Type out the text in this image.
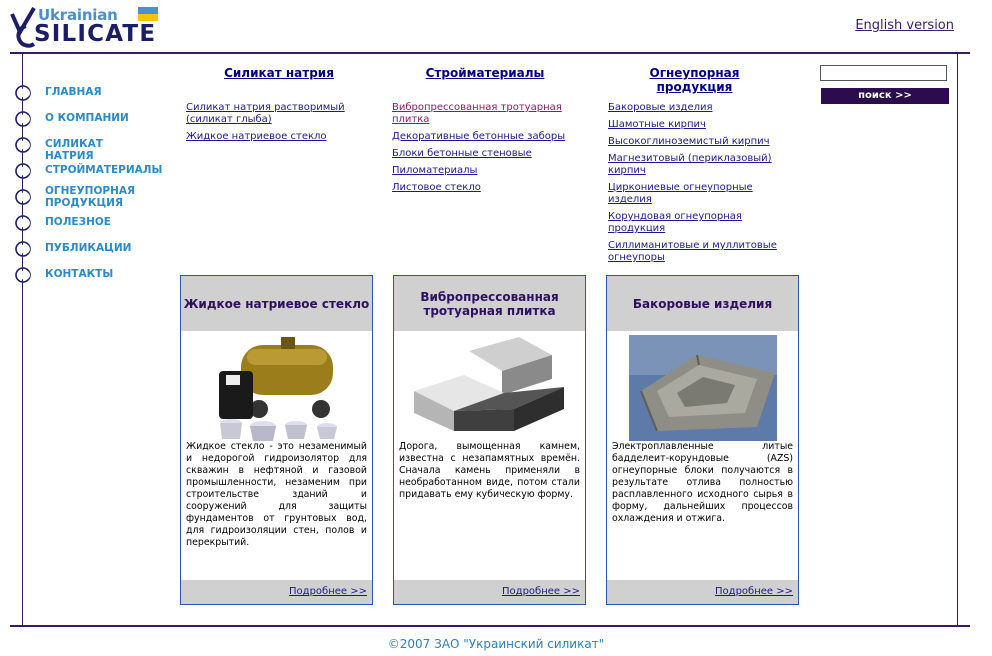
Ukrainian
SILICATE	English version
ГЛАВНАЯ
О КОМПАНИИ
СИЛИКАТ НАТРИЯ
СТРОЙМАТЕРИАЛЫ
ОГНЕУПОРНАЯ ПРОДУКЦИЯ
ПОЛЕЗНОЕ
ПУБЛИКАЦИИ
КОНТАКТЫ
Силикат натрия	Стройматериалы	Огнеупорная продукция
Силикат натрия растворимый (силикат глыба)
Жидкое натриевое стекло
Вибропрессованная тротуарная плитка
Декоративные бетонные заборы
Блоки бетонные стеновые
Пиломатериалы
Листовое стекло
Бакоровые изделия
Шамотные кирпич
Высокоглиноземистый кирпич
Магнезитовый (периклазовый) кирпич
Циркониевые огнеупорные изделия
Корундовая огнеупорная продукция
Силлиманитовые и муллитовые огнеупоры
поиск >>
Жидкое натриевое стекло
Жидкое стекло - это незаменимый и недорогой гидроизолятор для скважин в нефтяной и газовой промышленности, незаменим при строительстве зданий и сооружений для защиты фундаментов от грунтовых вод, для гидроизоляции стен, полов и перекрытий.
Подробнее >>
Вибропрессованная тротуарная плитка
Дорога, вымощенная камнем, известна с незапамятных времён. Сначала камень применяли в необработанном виде, потом стали придавать ему кубическую форму.
Подробнее >>
Бакоровые изделия
Электроплавленные литые бадделеит-корундовые (AZS) огнеупорные блоки получаются в результате отлива полностью расплавленного исходного сырья в форму, дальнейших процессов охлаждения и отжига.
Подробнее >>
©2007 ЗАО "Украинский силикат"
